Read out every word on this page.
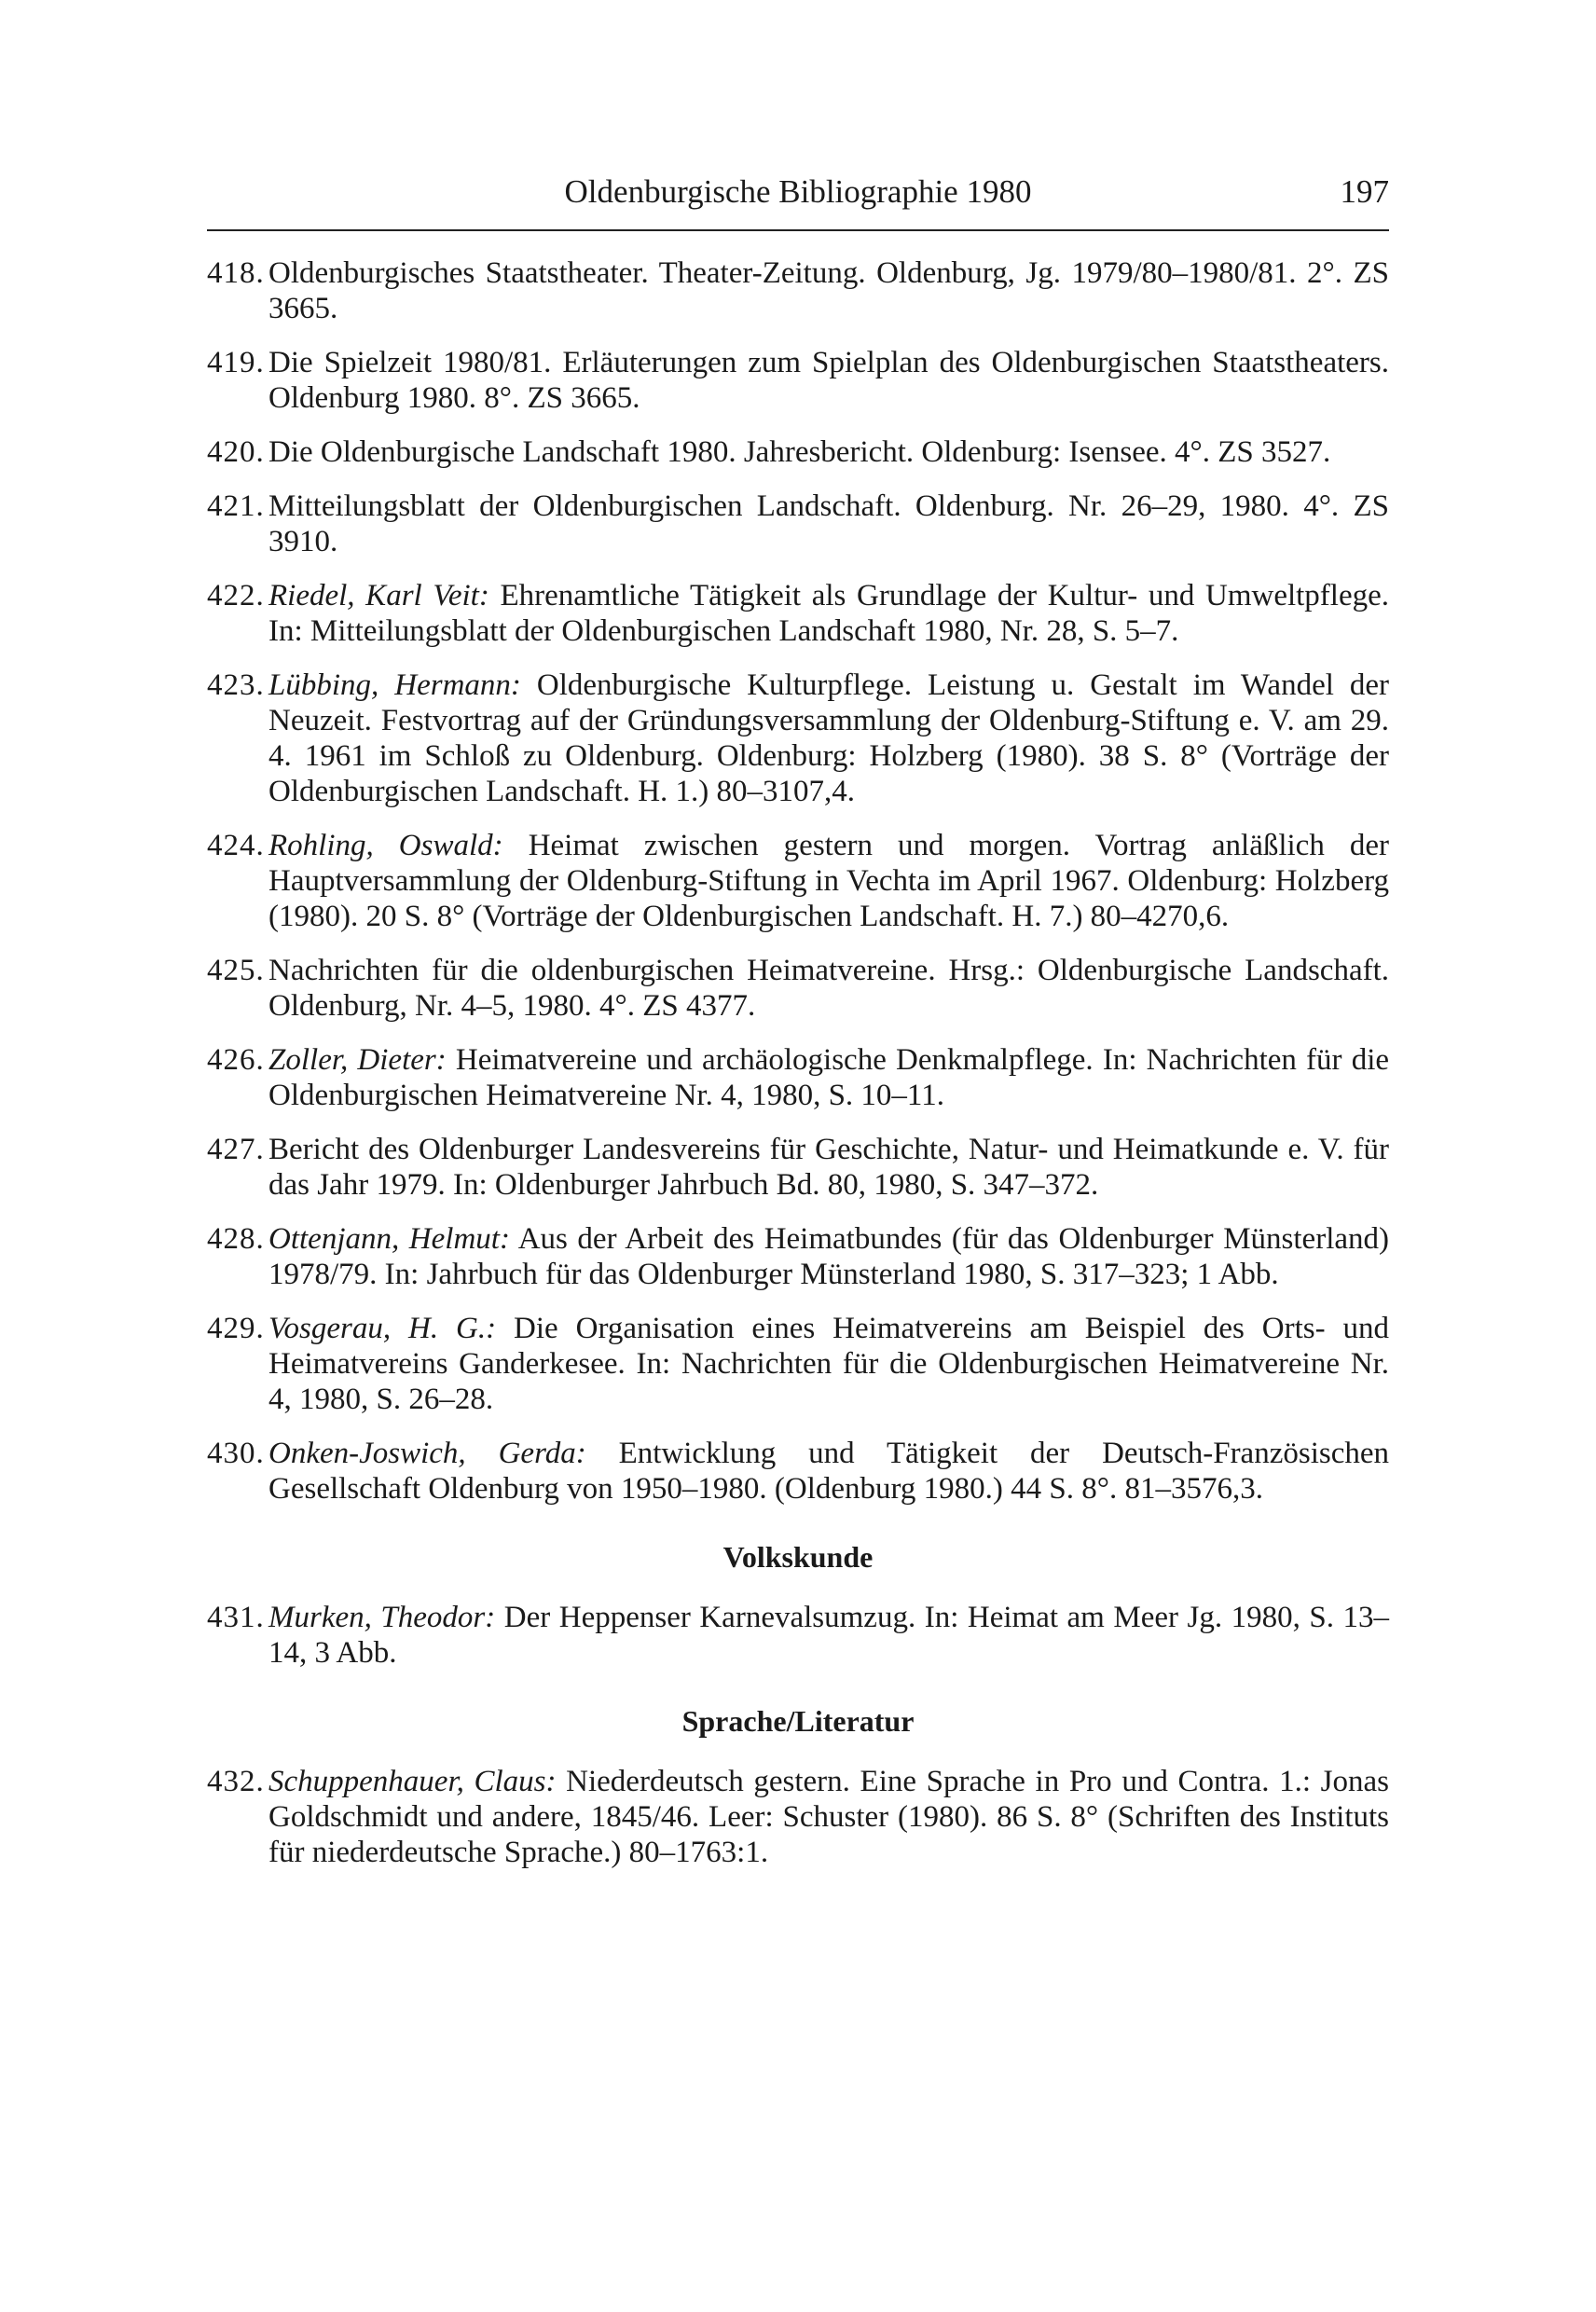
Oldenburgische Bibliographie 1980	197
418. Oldenburgisches Staatstheater. Theater-Zeitung. Oldenburg, Jg. 1979/80–1980/81. 2°. ZS 3665.
419. Die Spielzeit 1980/81. Erläuterungen zum Spielplan des Oldenburgischen Staatstheaters. Oldenburg 1980. 8°. ZS 3665.
420. Die Oldenburgische Landschaft 1980. Jahresbericht. Oldenburg: Isensee. 4°. ZS 3527.
421. Mitteilungsblatt der Oldenburgischen Landschaft. Oldenburg. Nr. 26–29, 1980. 4°. ZS 3910.
422. Riedel, Karl Veit: Ehrenamtliche Tätigkeit als Grundlage der Kultur- und Umweltpflege. In: Mitteilungsblatt der Oldenburgischen Landschaft 1980, Nr. 28, S. 5–7.
423. Lübbing, Hermann: Oldenburgische Kulturpflege. Leistung u. Gestalt im Wandel der Neuzeit. Festvortrag auf der Gründungsversammlung der Oldenburg-Stiftung e. V. am 29. 4. 1961 im Schloß zu Oldenburg. Oldenburg: Holzberg (1980). 38 S. 8° (Vorträge der Oldenburgischen Landschaft. H. 1.) 80–3107,4.
424. Rohling, Oswald: Heimat zwischen gestern und morgen. Vortrag anläßlich der Hauptversammlung der Oldenburg-Stiftung in Vechta im April 1967. Oldenburg: Holzberg (1980). 20 S. 8° (Vorträge der Oldenburgischen Landschaft. H. 7.) 80–4270,6.
425. Nachrichten für die oldenburgischen Heimatvereine. Hrsg.: Oldenburgische Landschaft. Oldenburg, Nr. 4–5, 1980. 4°. ZS 4377.
426. Zoller, Dieter: Heimatvereine und archäologische Denkmalpflege. In: Nachrichten für die Oldenburgischen Heimatvereine Nr. 4, 1980, S. 10–11.
427. Bericht des Oldenburger Landesvereins für Geschichte, Natur- und Heimatkunde e. V. für das Jahr 1979. In: Oldenburger Jahrbuch Bd. 80, 1980, S. 347–372.
428. Ottenjann, Helmut: Aus der Arbeit des Heimatbundes (für das Oldenburger Münsterland) 1978/79. In: Jahrbuch für das Oldenburger Münsterland 1980, S. 317–323; 1 Abb.
429. Vosgerau, H. G.: Die Organisation eines Heimatvereins am Beispiel des Orts- und Heimatvereins Ganderkesee. In: Nachrichten für die Oldenburgischen Heimatvereine Nr. 4, 1980, S. 26–28.
430. Onken-Joswich, Gerda: Entwicklung und Tätigkeit der Deutsch-Französischen Gesellschaft Oldenburg von 1950–1980. (Oldenburg 1980.) 44 S. 8°. 81–3576,3.
Volkskunde
431. Murken, Theodor: Der Heppenser Karnevalsumzug. In: Heimat am Meer Jg. 1980, S. 13–14, 3 Abb.
Sprache/Literatur
432. Schuppenhauer, Claus: Niederdeutsch gestern. Eine Sprache in Pro und Contra. 1.: Jonas Goldschmidt und andere, 1845/46. Leer: Schuster (1980). 86 S. 8° (Schriften des Instituts für niederdeutsche Sprache.) 80–1763:1.
